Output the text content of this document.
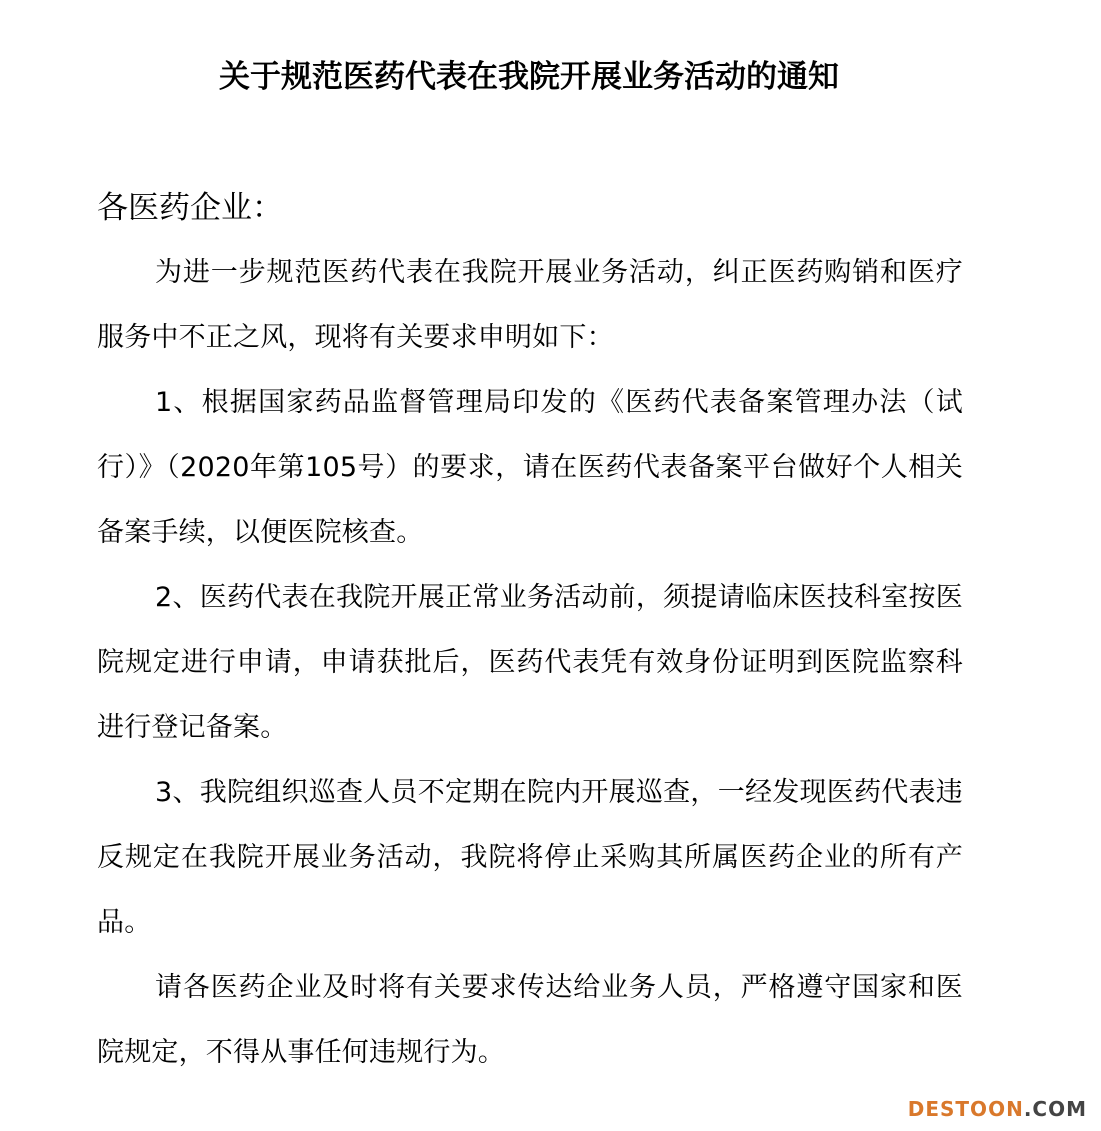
关于规范医药代表在我院开展业务活动的通知
各医药企业：

为进一步规范医药代表在我院开展业务活动，纠正医药购销和医疗服务中不正之风，现将有关要求申明如下：

1、根据国家药品监督管理局印发的《医药代表备案管理办法（试行）》（2020年第105号）的要求，请在医药代表备案平台做好个人相关备案手续，以便医院核查。

2、医药代表在我院开展正常业务活动前，须提请临床医技科室按医院规定进行申请，申请获批后，医药代表凭有效身份证明到医院监察科进行登记备案。

3、我院组织巡查人员不定期在院内开展巡查，一经发现医药代表违反规定在我院开展业务活动，我院将停止采购其所属医药企业的所有产品。

请各医药企业及时将有关要求传达给业务人员，严格遵守国家和医院规定，不得从事任何违规行为。

DESTOON.COM
